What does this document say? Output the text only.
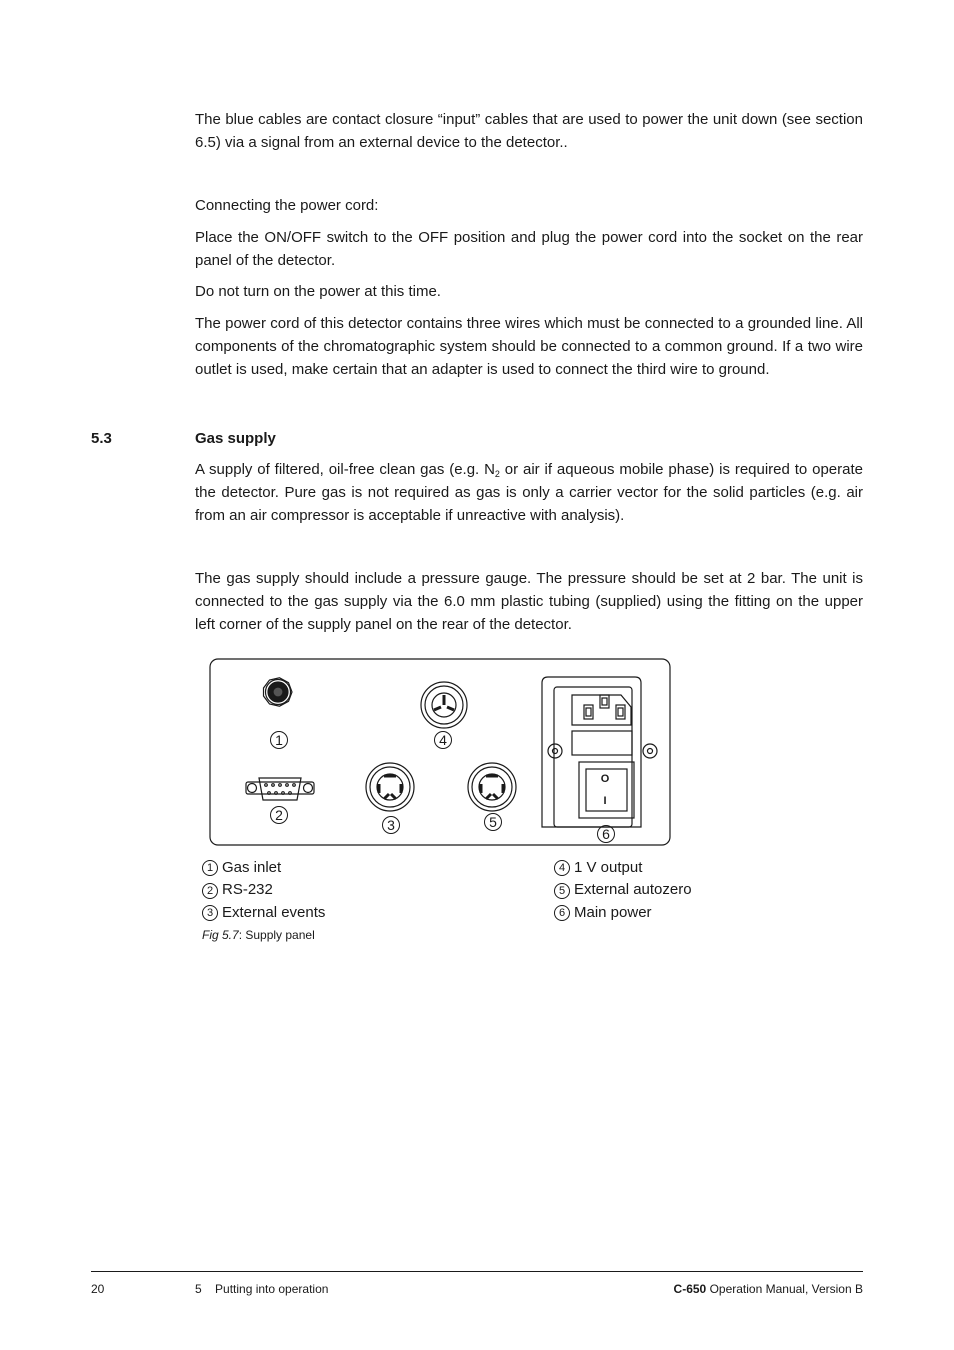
The blue cables are contact closure “input” cables that are used to power the unit down (see section 6.5) via a signal from an external device to the detector..

Connecting the power cord:

Place the ON/OFF switch to the OFF position and plug the power cord into the socket on the rear panel of the detector.

Do not turn on the power at this time.

The power cord of this detector contains three wires which must be connected to a grounded line. All components of the chromatographic system should be connected to a common ground. If a two wire outlet is used, make certain that an adapter is used to connect the third wire to ground.

5.3	Gas supply

A supply of filtered, oil-free clean gas (e.g. $N_2$ or air if aqueous mobile phase) is required to operate the detector. Pure gas is not required as gas is only a carrier vector for the solid particles (e.g. air from an air compressor is acceptable if unreactive with analysis).

The gas supply should include a pressure gauge. The pressure should be set at 2 bar. The unit is connected to the gas supply via the 6.0 mm plastic tubing (supplied) using the fitting on the upper left corner of the supply panel on the rear of the detector.

O
I
1
2
3
4
5
6
1 Gas inlet
2 RS-232
3 External events
4 1 V output
5 External autozero
6 Main power

Fig 5.7: Supply panel

20	5    Putting into operation	C-650 Operation Manual, Version B
